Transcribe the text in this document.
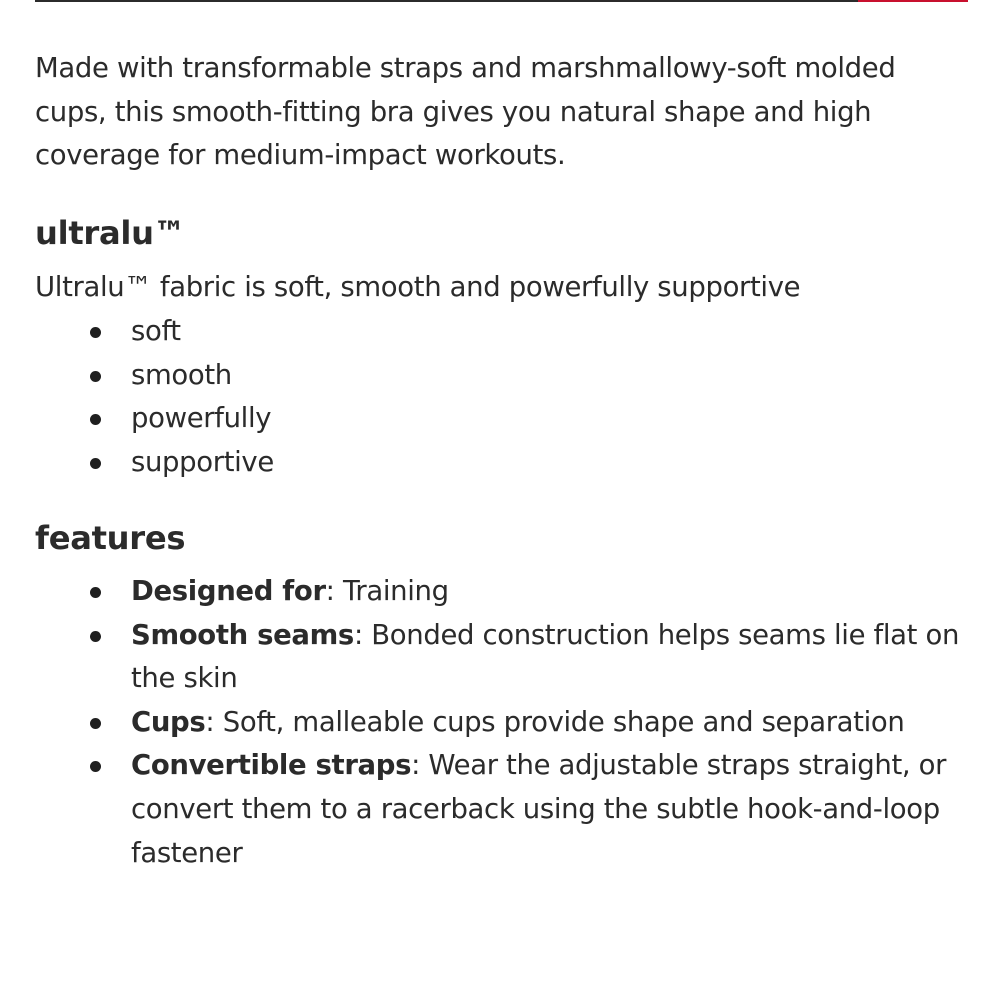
Made with transformable straps and marshmallowy-soft molded cups, this smooth-fitting bra gives you natural shape and high coverage for medium-impact workouts.

ultralu™

Ultralu™ fabric is soft, smooth and powerfully supportive

soft
smooth
powerfully
supportive
features
Designed for: Training
Smooth seams: Bonded construction helps seams lie flat on the skin
Cups: Soft, malleable cups provide shape and separation
Convertible straps: Wear the adjustable straps straight, or convert them to a racerback using the subtle hook-and-loop fastener
